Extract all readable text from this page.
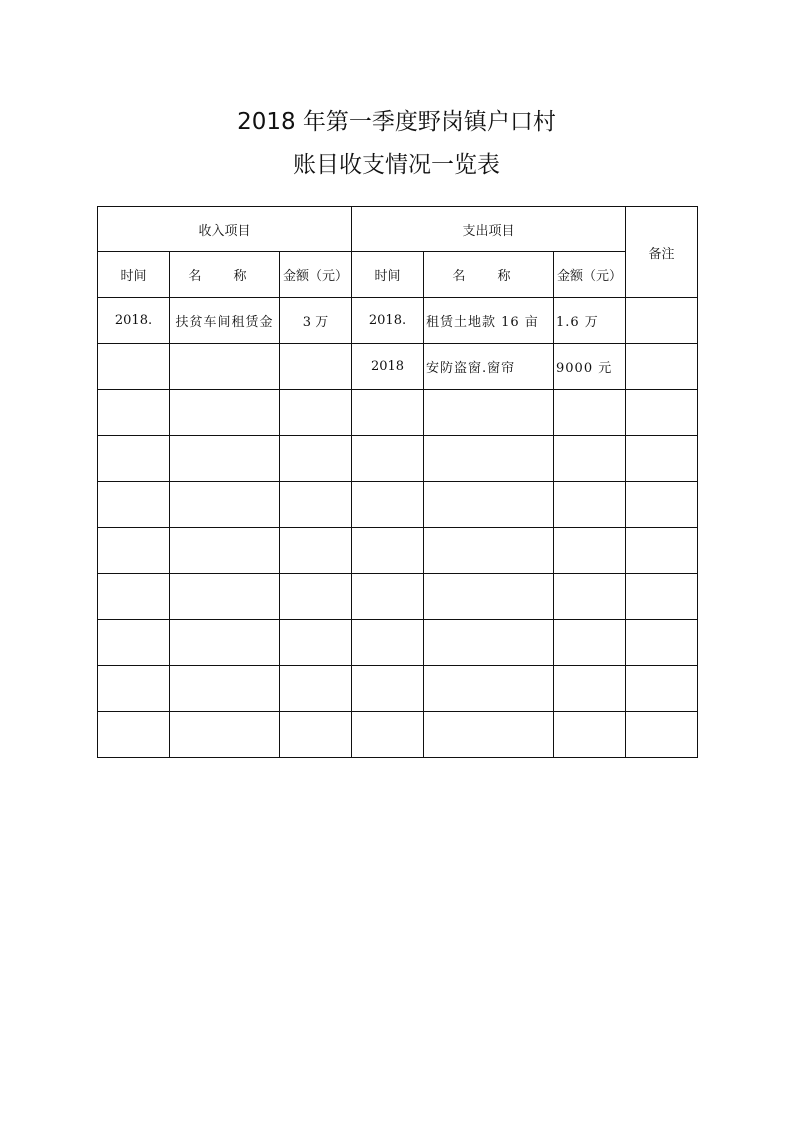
2018 年第一季度野岗镇户口村
账目收支情况一览表
收入项目			支出项目			备注
时间	名 称	金额（元）	时间	名 称	金额（元）	
2018.	扶贫车间租赁金	3 万	2018.	租赁土地款 16 亩	1.6 万	
			2018	安防盗窗.窗帘	9000 元	
